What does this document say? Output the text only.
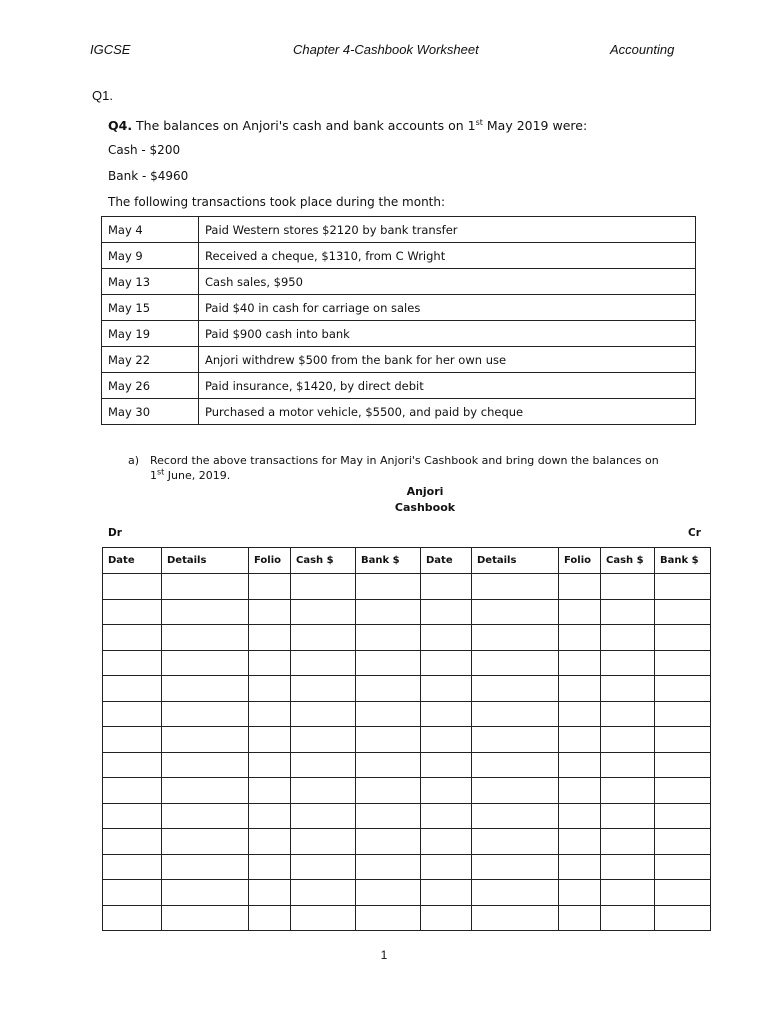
IGCSE	Chapter 4-Cashbook Worksheet	Accounting
Q1.
Q4. The balances on Anjori's cash and bank accounts on 1st May 2019 were:
Cash - $200
Bank - $4960
The following transactions took place during the month:
May 4	Paid Western stores $2120 by bank transfer
May 9	Received a cheque, $1310, from C Wright
May 13	Cash sales, $950
May 15	Paid $40 in cash for carriage on sales
May 19	Paid $900 cash into bank
May 22	Anjori withdrew $500 from the bank for her own use
May 26	Paid insurance, $1420, by direct debit
May 30	Purchased a motor vehicle, $5500, and paid by cheque
a) Record the above transactions for May in Anjori's Cashbook and bring down the balances on
1st June, 2019.
Anjori
Cashbook
Dr	Cr
Date	Details	Folio	Cash $	Bank $	Date	Details	Folio	Cash $	Bank $

1
